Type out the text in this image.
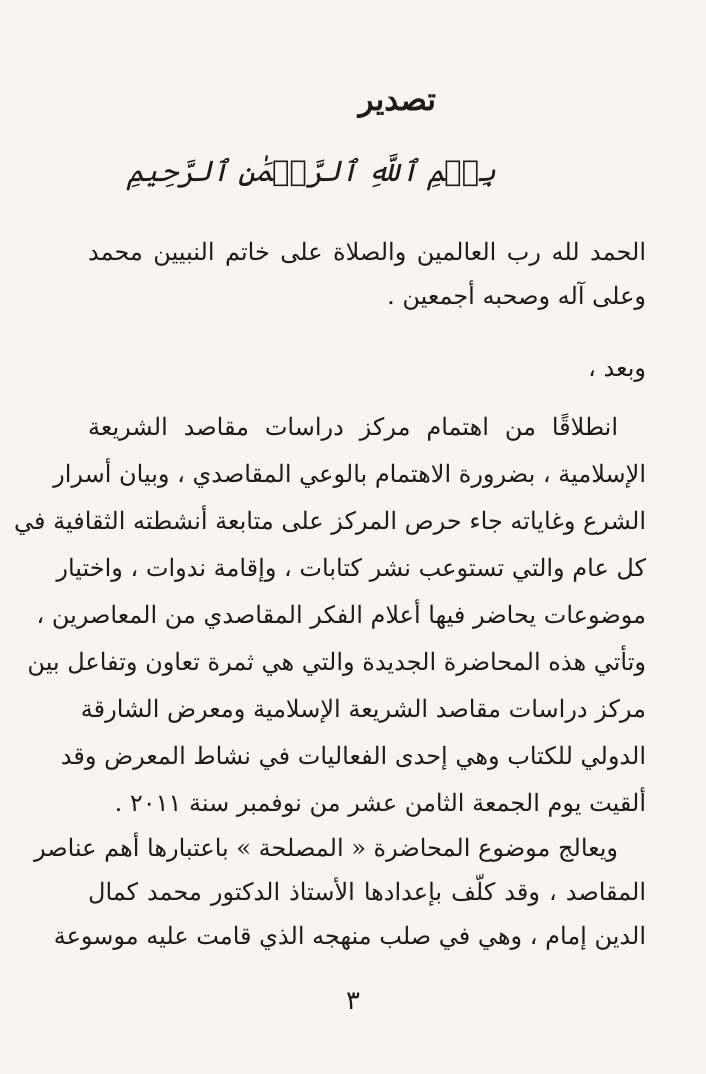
تصدير
بِسۡمِ ٱللَّهِ ٱلرَّحۡمَٰنِ ٱلرَّحِيمِ
الحمد لله رب العالمين والصلاة على خاتم النبيين محمد
وعلى آله وصحبه أجمعين .
وبعد ،
انطلاقًا من اهتمام مركز دراسات مقاصد الشريعة
الإسلامية ، بضرورة الاهتمام بالوعي المقاصدي ، وبيان أسرار
الشرع وغاياته جاء حرص المركز على متابعة أنشطته الثقافية في
كل عام والتي تستوعب نشر كتابات ، وإقامة ندوات ، واختيار
موضوعات يحاضر فيها أعلام الفكر المقاصدي من المعاصرين ،
وتأتي هذه المحاضرة الجديدة والتي هي ثمرة تعاون وتفاعل بين
مركز دراسات مقاصد الشريعة الإسلامية ومعرض الشارقة
الدولي للكتاب وهي إحدى الفعاليات في نشاط المعرض وقد
ألقيت يوم الجمعة الثامن عشر من نوفمبر سنة ٢٠١١ .
ويعالج موضوع المحاضرة « المصلحة » باعتبارها أهم عناصر
المقاصد ، وقد كلّف بإعدادها الأستاذ الدكتور محمد كمال
الدين إمام ، وهي في صلب منهجه الذي قامت عليه موسوعة
٣
